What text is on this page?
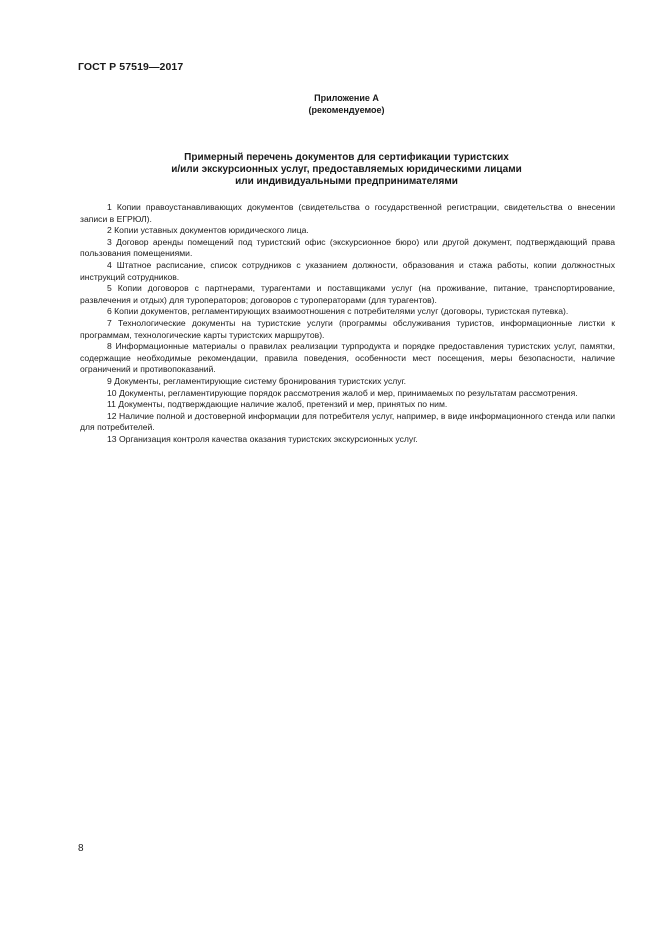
ГОСТ Р 57519—2017
Приложение А
(рекомендуемое)
Примерный перечень документов для сертификации туристских
и/или экскурсионных услуг, предоставляемых юридическими лицами
или индивидуальными предпринимателями

1 Копии правоустанавливающих документов (свидетельства о государственной регистрации, свидетельства о внесении записи в ЕГРЮЛ).

2 Копии уставных документов юридического лица.

3 Договор аренды помещений под туристский офис (экскурсионное бюро) или другой документ, подтверждающий права пользования помещениями.

4 Штатное расписание, список сотрудников с указанием должности, образования и стажа работы, копии должностных инструкций сотрудников.

5 Копии договоров с партнерами, турагентами и поставщиками услуг (на проживание, питание, транспортирование, развлечения и отдых) для туроператоров; договоров с туроператорами (для турагентов).

6 Копии документов, регламентирующих взаимоотношения с потребителями услуг (договоры, туристская путевка).

7 Технологические документы на туристские услуги (программы обслуживания туристов, информационные листки к программам, технологические карты туристских маршрутов).

8 Информационные материалы о правилах реализации турпродукта и порядке предоставления туристских услуг, памятки, содержащие необходимые рекомендации, правила поведения, особенности мест посещения, меры безопасности, наличие ограничений и противопоказаний.

9 Документы, регламентирующие систему бронирования туристских услуг.

10 Документы, регламентирующие порядок рассмотрения жалоб и мер, принимаемых по результатам рассмотрения.

11 Документы, подтверждающие наличие жалоб, претензий и мер, принятых по ним.

12 Наличие полной и достоверной информации для потребителя услуг, например, в виде информационного стенда или папки для потребителей.

13 Организация контроля качества оказания туристских экскурсионных услуг.

8
